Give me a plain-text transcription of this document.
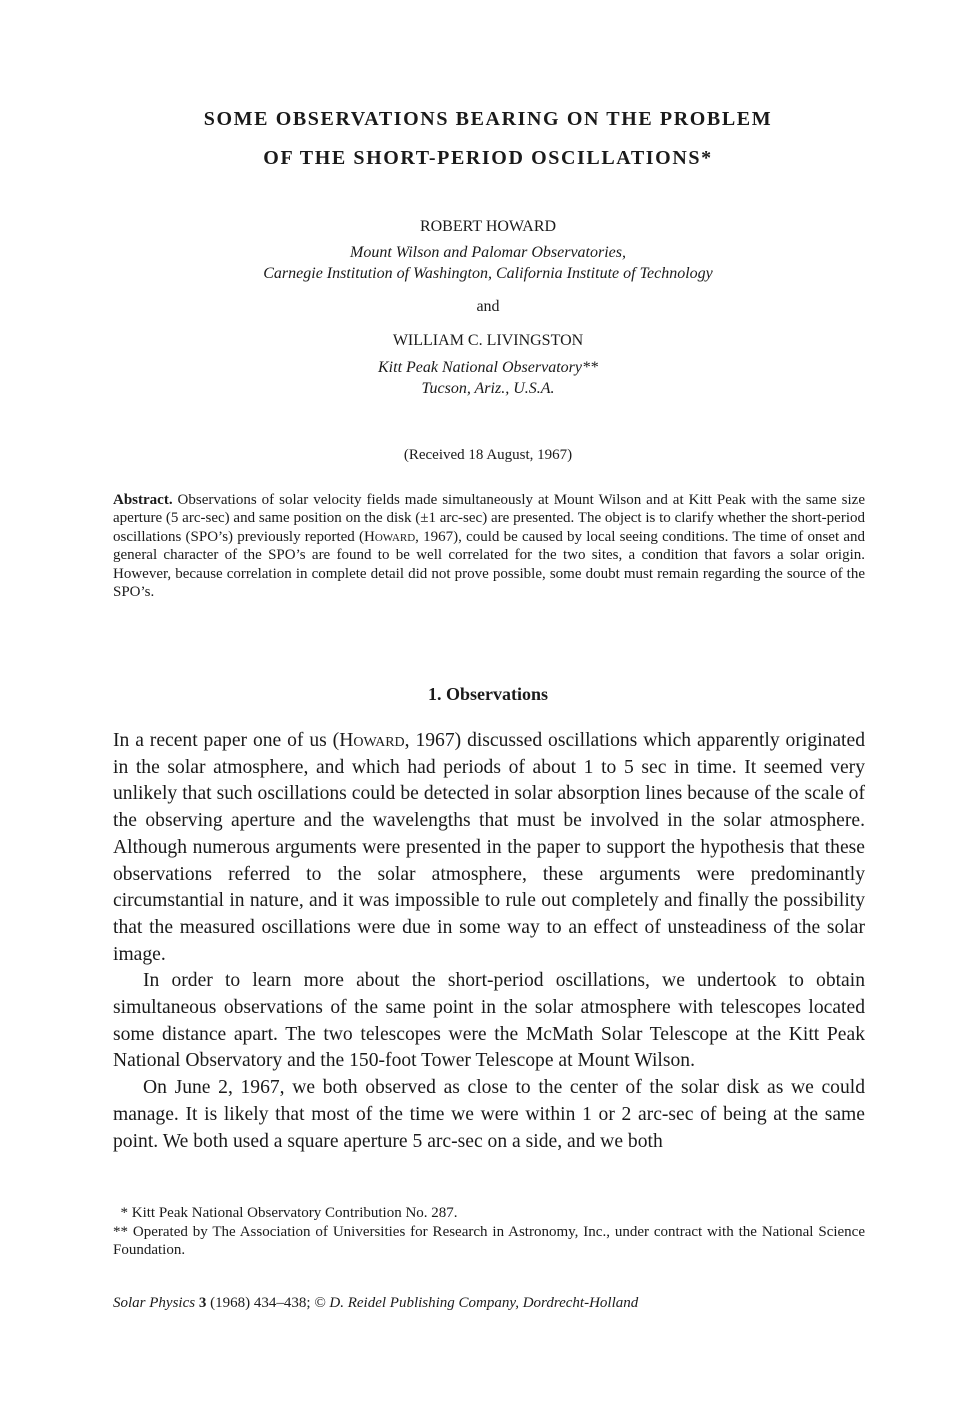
SOME OBSERVATIONS BEARING ON THE PROBLEM
OF THE SHORT-PERIOD OSCILLATIONS*
ROBERT HOWARD
Mount Wilson and Palomar Observatories,
Carnegie Institution of Washington, California Institute of Technology
and
WILLIAM C. LIVINGSTON
Kitt Peak National Observatory**
Tucson, Ariz., U.S.A.
(Received 18 August, 1967)
Abstract. Observations of solar velocity fields made simultaneously at Mount Wilson and at Kitt Peak with the same size aperture (5 arc-sec) and same position on the disk (±1 arc-sec) are presented. The object is to clarify whether the short-period oscillations (SPO’s) previously reported (Howard, 1967), could be caused by local seeing conditions. The time of onset and general character of the SPO’s are found to be well correlated for the two sites, a condition that favors a solar origin. However, because correlation in complete detail did not prove possible, some doubt must remain regarding the source of the SPO’s.
1. Observations

In a recent paper one of us (Howard, 1967) discussed oscillations which apparently originated in the solar atmosphere, and which had periods of about 1 to 5 sec in time. It seemed very unlikely that such oscillations could be detected in solar absorption lines because of the scale of the observing aperture and the wavelengths that must be involved in the solar atmosphere. Although numerous arguments were presented in the paper to support the hypothesis that these observations referred to the solar atmosphere, these arguments were predominantly circumstantial in nature, and it was impossible to rule out completely and finally the possibility that the measured oscillations were due in some way to an effect of unsteadiness of the solar image.

In order to learn more about the short-period oscillations, we undertook to obtain simultaneous observations of the same point in the solar atmosphere with telescopes located some distance apart. The two telescopes were the McMath Solar Telescope at the Kitt Peak National Observatory and the 150-foot Tower Telescope at Mount Wilson.

On June 2, 1967, we both observed as close to the center of the solar disk as we could manage. It is likely that most of the time we were within 1 or 2 arc-sec of being at the same point. We both used a square aperture 5 arc-sec on a side, and we both

* Kitt Peak National Observatory Contribution No. 287.

** Operated by The Association of Universities for Research in Astronomy, Inc., under contract with the National Science Foundation.

Solar Physics 3 (1968) 434–438; © D. Reidel Publishing Company, Dordrecht-Holland
